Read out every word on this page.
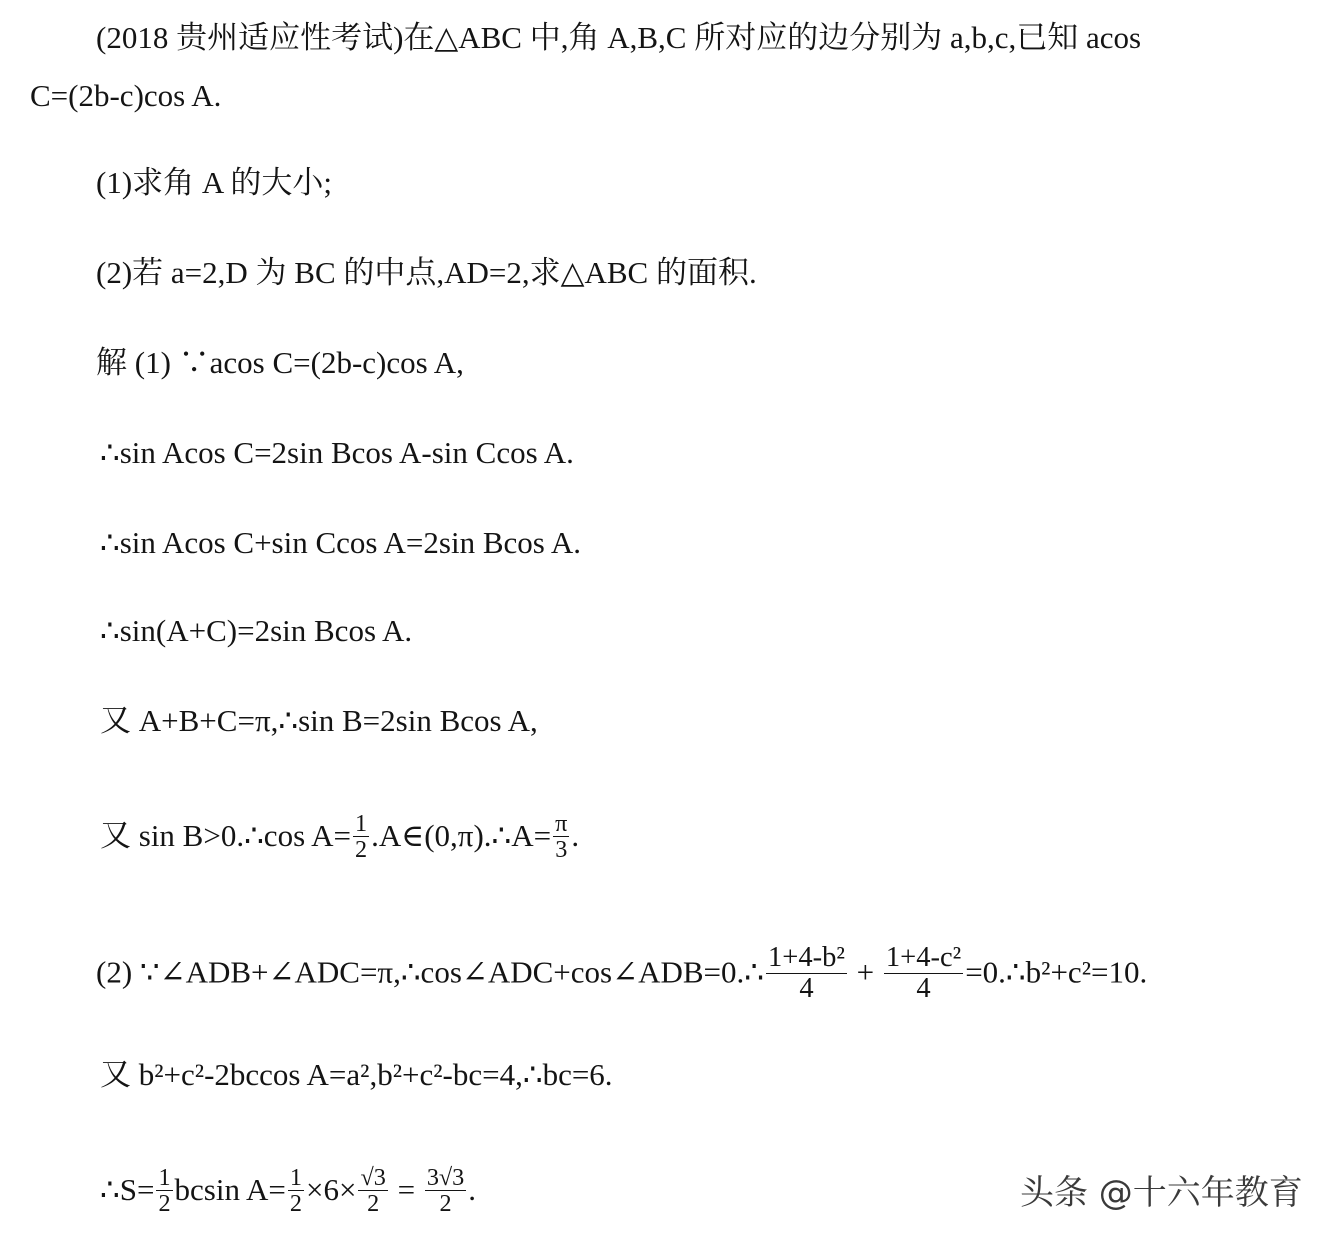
(2018 贵州适应性考试)在△ABC 中,角 A,B,C 所对应的边分别为 a,b,c,已知 acos
C=(2b-c)cos A.
(1)求角 A 的大小;
(2)若 a=2,D 为 BC 的中点,AD=2,求△ABC 的面积.
解 (1) ∵acos C=(2b-c)cos A,
∴sin Acos C=2sin Bcos A-sin Ccos A.
∴sin Acos C+sin Ccos A=2sin Bcos A.
∴sin(A+C)=2sin Bcos A.
又 A+B+C=π,∴sin B=2sin Bcos A,
又 sin B>0.∴cos $A= \frac{1}{2}$ .A∈(0,π).∴A= $\frac{\pi}{3}$ .
(2) ∵∠ADB+∠ADC=π,∴cos∠ADC+cos∠ADB=0.∴ $\frac{\text{1+4-b²}}{4} + \frac{\text{1+4-c²}}{4}$ =0.∴b²+c²=10.
又 b²+c²-2bccos A=a²,b²+c²-bc=4,∴bc=6.
∴S= $\frac{1}{2}$ bcsin $A= \frac{1}{2} \times 6\times \frac{√3}{2} = \frac{3√3}{2}$ .	头条 @十六年教育
